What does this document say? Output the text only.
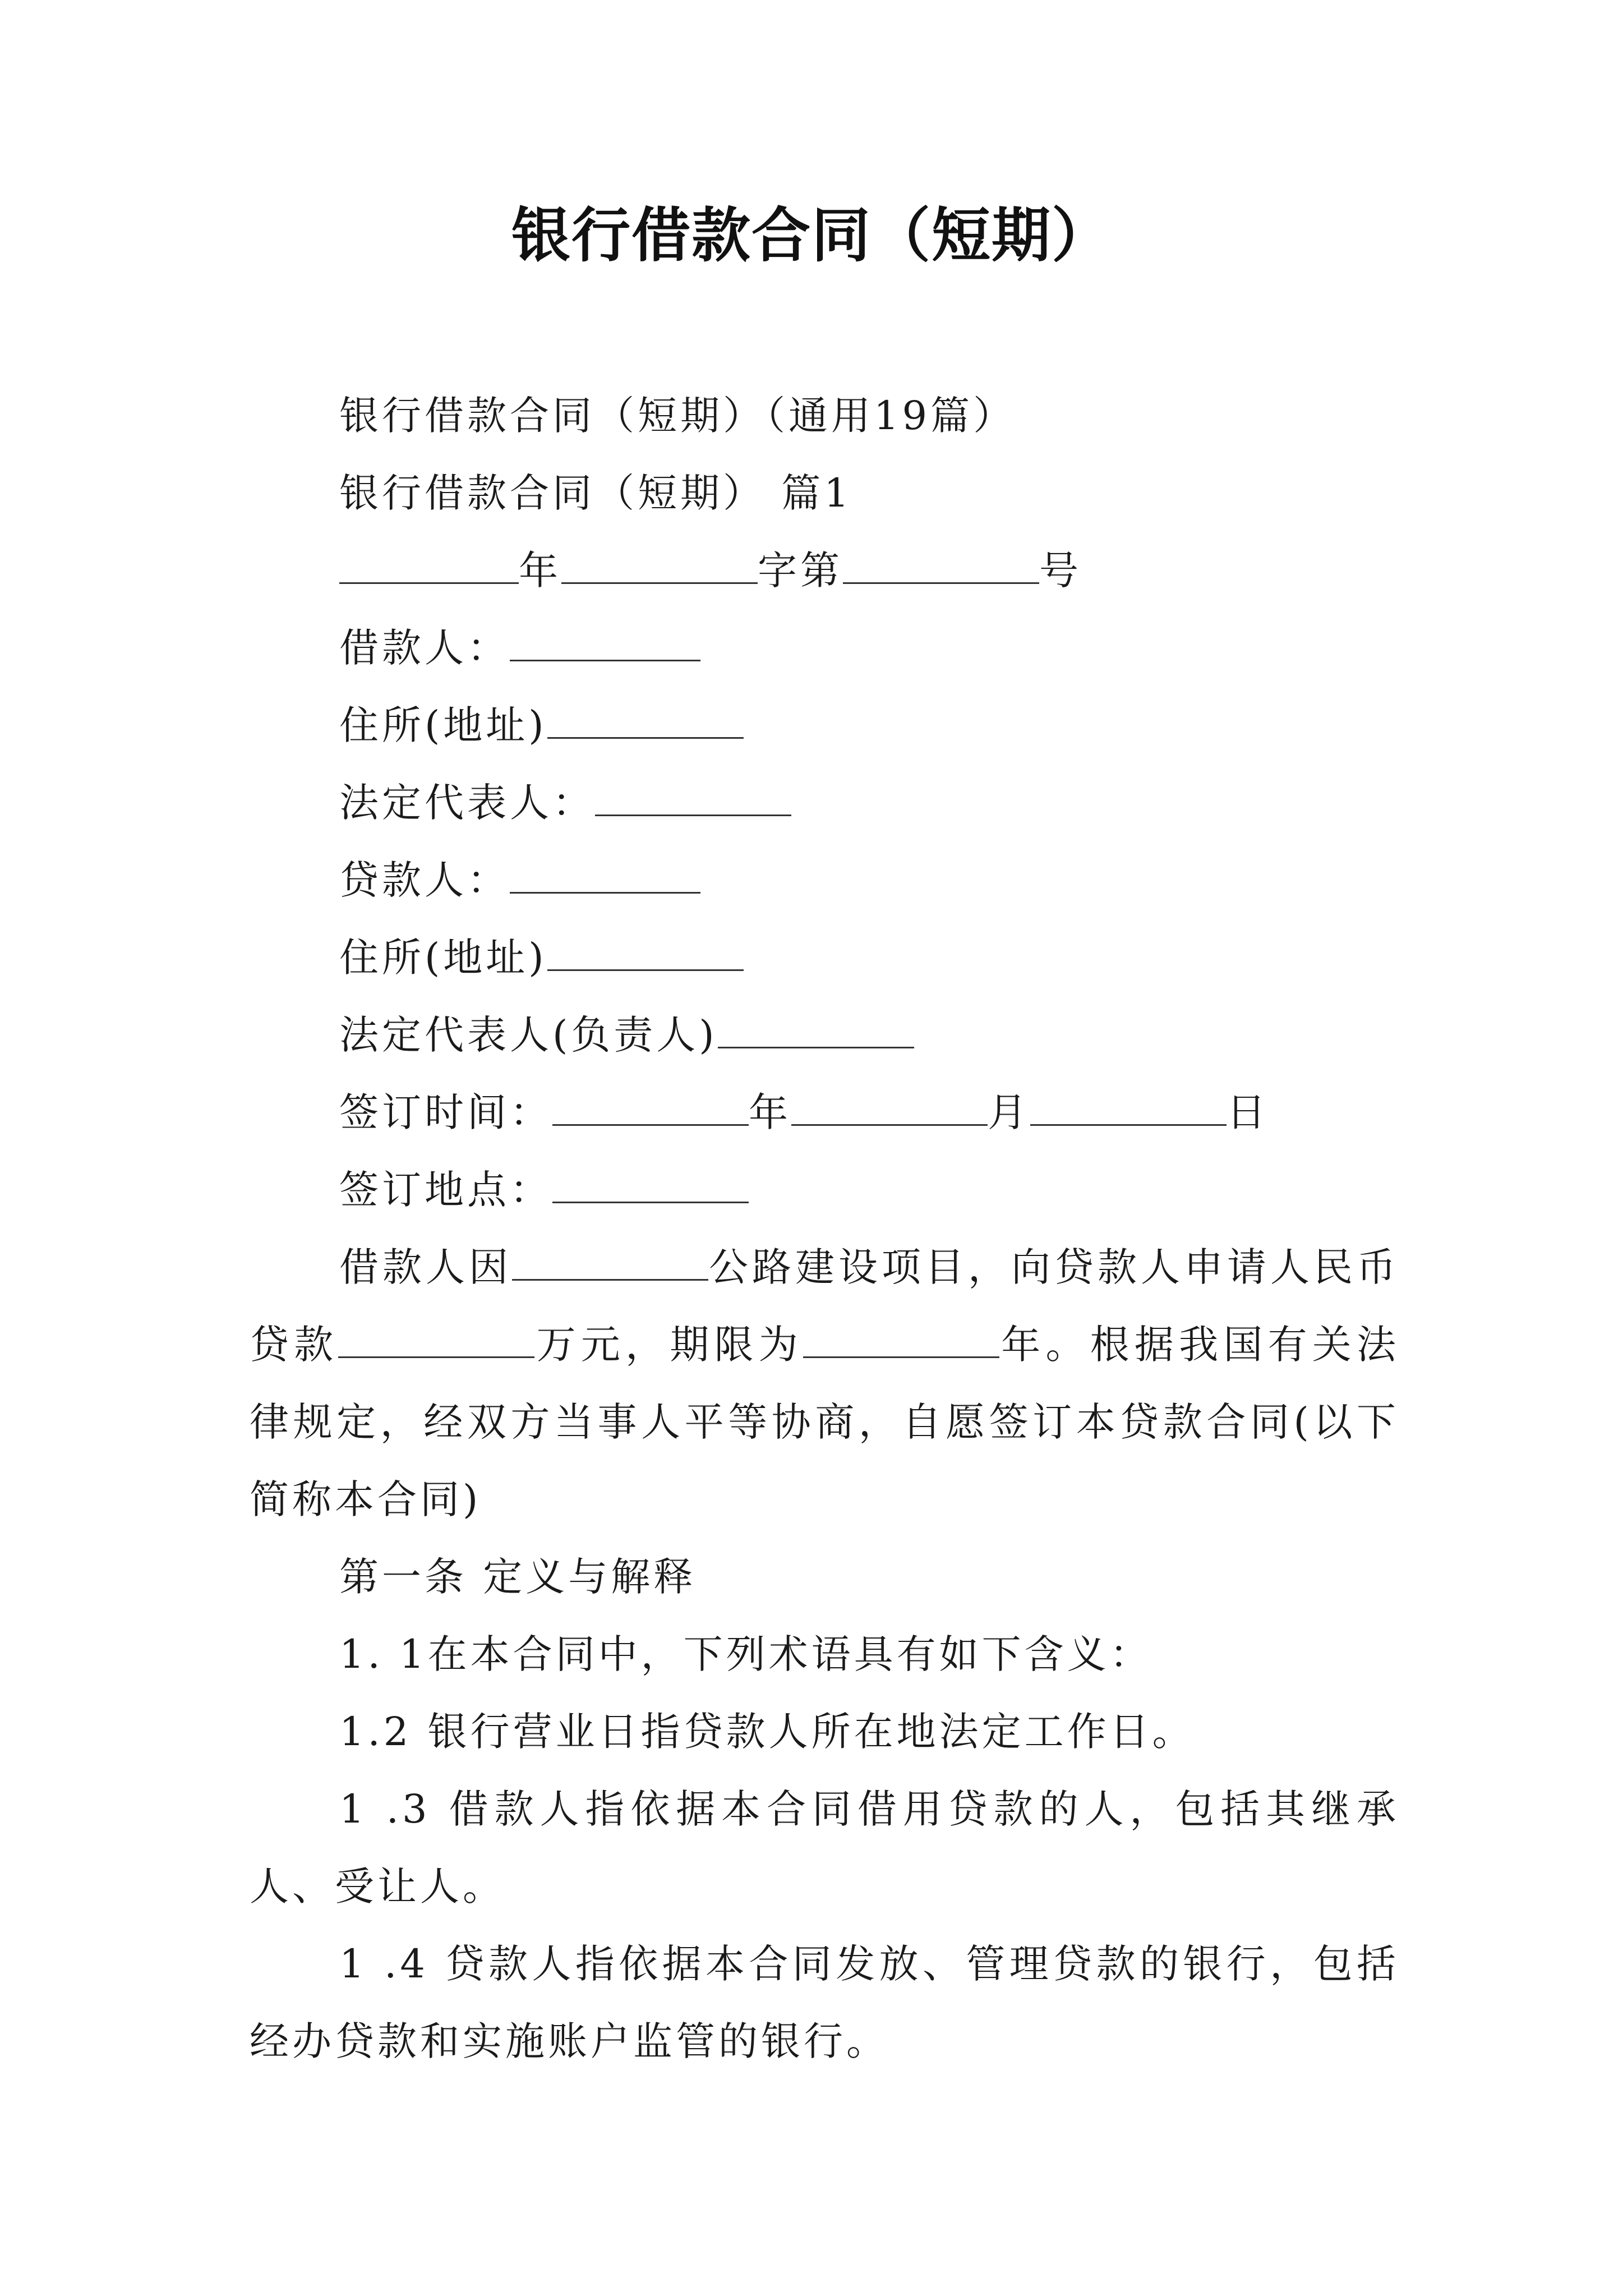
银行借款合同（短期）

银行借款合同（短期）（通用19篇）

银行借款合同（短期） 篇1

年	字第	号

借款人：

住所(地址)

法定代表人：

贷款人：

住所(地址)

法定代表人(负责人)

签订时间：	年	月	日

签订地点：

借款人因	公路建设项目，向贷款人申请人民币贷款	万元，期限为	年。根据我国有关法律规定，经双方当事人平等协商，自愿签订本贷款合同(以下简称本合同)

第一条 定义与解释

1. 1在本合同中，下列术语具有如下含义：

1.2 银行营业日指贷款人所在地法定工作日。

1 .3 借款人指依据本合同借用贷款的人，包括其继承人、受让人。

1 .4 贷款人指依据本合同发放、管理贷款的银行，包括经办贷款和实施账户监管的银行。
